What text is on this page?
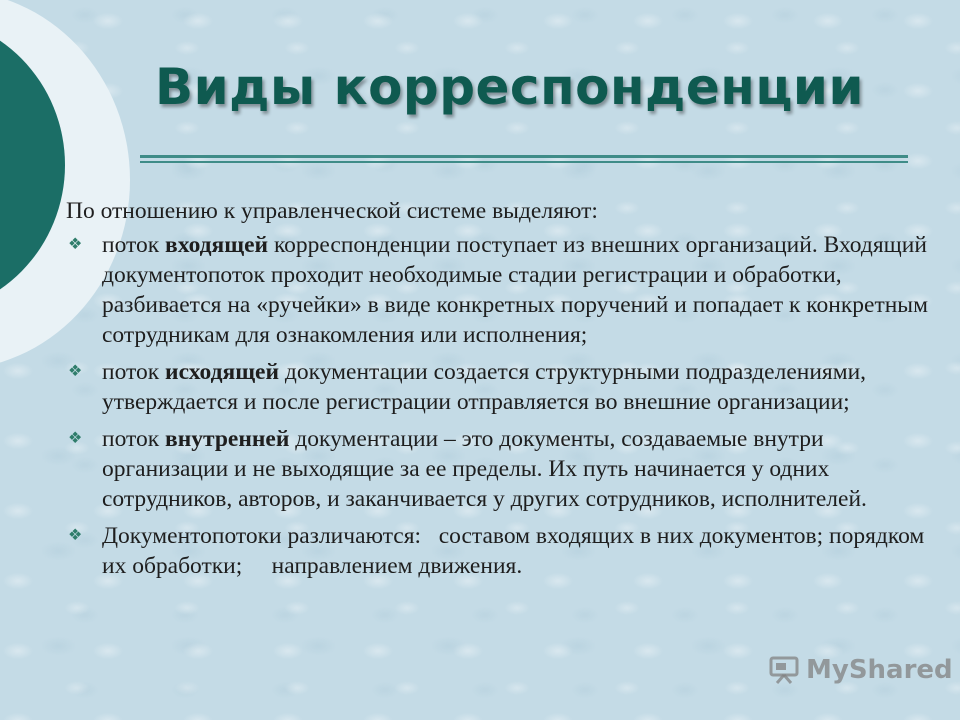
Виды корреспонденции

По отношению к управленческой системе выделяют:

❖ поток входящей корреспонденции поступает из внешних организаций. Входящий документопоток проходит необходимые стадии регистрации и обработки, разбивается на «ручейки» в виде конкретных поручений и попадает к конкретным сотрудникам для ознакомления или исполнения;
❖ поток исходящей документации создается структурными подразделениями, утверждается и после регистрации отправляется во внешние организации;
❖ поток внутренней документации – это документы, создаваемые внутри организации и не выходящие за ее пределы. Их путь начинается у одних сотрудников, авторов, и заканчивается у других сотрудников, исполнителей.
❖ Документопотоки различаются:   составом входящих в них документов; порядком их обработки;     направлением движения.
MyShared
